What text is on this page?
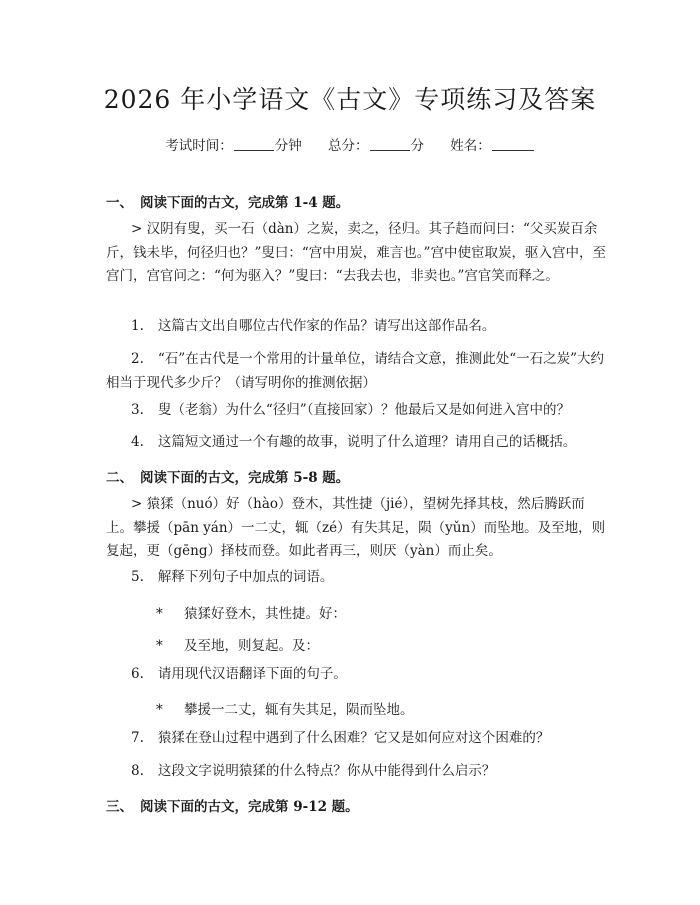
2026 年小学语文《古文》专项练习及答案
考试时间：	分钟 总分：	分 姓名：

一、 阅读下面的古文，完成第 1-4 题。

> 汉阴有叟，买一石（dàn）之炭，卖之，径归。其子趋而问曰：“父买炭百余斤，钱未毕，何径归也？”叟曰：“宫中用炭，难言也。”宫中使宦取炭，驱入宫中，至宫门，宫官问之：“何为驱入？”叟曰：“去我去也，非卖也。”宫官笑而释之。

1. 这篇古文出自哪位古代作家的作品？请写出这部作品名。

2. “石”在古代是一个常用的计量单位，请结合文意，推测此处“一石之炭”大约相当于现代多少斤？（请写明你的推测依据）

3. 叟（老翁）为什么“径归”（直接回家）？他最后又是如何进入宫中的？

4. 这篇短文通过一个有趣的故事，说明了什么道理？请用自己的话概括。

二、 阅读下面的古文，完成第 5-8 题。

> 猿猱（nuó）好（hào）登木，其性捷（jié），望树先择其枝，然后腾跃而上。攀援（pān yán）一二丈，辄（zé）有失其足，陨（yǔn）而坠地。及至地，则复起，更（gēng）择枝而登。如此者再三，则厌（yàn）而止矣。

5. 解释下列句子中加点的词语。

* 猿猱好登木，其性捷。好：

* 及至地，则复起。及：

6. 请用现代汉语翻译下面的句子。

* 攀援一二丈，辄有失其足，陨而坠地。

7. 猿猱在登山过程中遇到了什么困难？它又是如何应对这个困难的？

8. 这段文字说明猿猱的什么特点？你从中能得到什么启示？

三、 阅读下面的古文，完成第 9-12 题。
